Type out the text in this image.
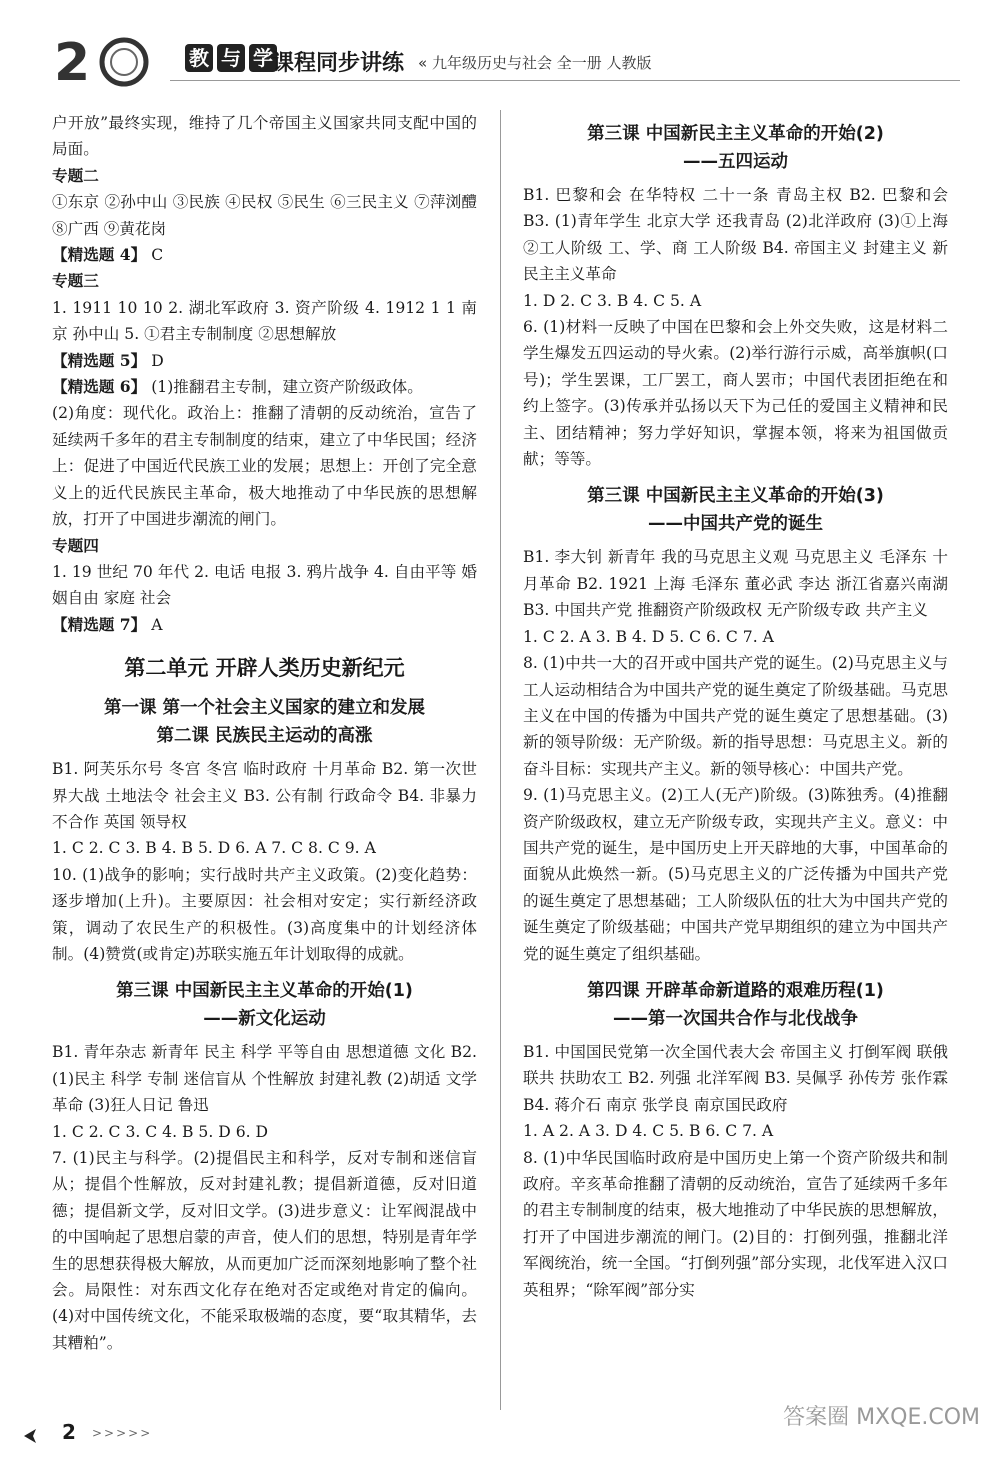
2	教 与 学 课程同步讲练 « 九年级历史与社会 全一册 人教版

户开放”最终实现，维持了几个帝国主义国家共同支配中国的局面。

专题二

①东京 ②孙中山 ③民族 ④民权 ⑤民生 ⑥三民主义 ⑦萍浏醴 ⑧广西 ⑨黄花岗

【精选题 4】 C

专题三

1. 1911 10 10 2. 湖北军政府 3. 资产阶级 4. 1912 1 1 南京 孙中山 5. ①君主专制制度 ②思想解放

【精选题 5】 D

【精选题 6】 (1)推翻君主专制，建立资产阶级政体。

(2)角度：现代化。政治上：推翻了清朝的反动统治，宣告了延续两千多年的君主专制制度的结束，建立了中华民国；经济上：促进了中国近代民族工业的发展；思想上：开创了完全意义上的近代民族民主革命，极大地推动了中华民族的思想解放，打开了中国进步潮流的闸门。

专题四

1. 19 世纪 70 年代 2. 电话 电报 3. 鸦片战争 4. 自由平等 婚姻自由 家庭 社会

【精选题 7】 A

第二单元 开辟人类历史新纪元
第一课 第一个社会主义国家的建立和发展
第二课 民族民主运动的高涨

B1. 阿芙乐尔号 冬宫 冬宫 临时政府 十月革命 B2. 第一次世界大战 土地法令 社会主义 B3. 公有制 行政命令 B4. 非暴力不合作 英国 领导权

1. C 2. C 3. B 4. B 5. D 6. A 7. C 8. C 9. A

10. (1)战争的影响；实行战时共产主义政策。(2)变化趋势：逐步增加(上升)。主要原因：社会相对安定；实行新经济政策，调动了农民生产的积极性。(3)高度集中的计划经济体制。(4)赞赏(或肯定)苏联实施五年计划取得的成就。

第三课 中国新民主主义革命的开始(1)
——新文化运动

B1. 青年杂志 新青年 民主 科学 平等自由 思想道德 文化 B2. (1)民主 科学 专制 迷信盲从 个性解放 封建礼教 (2)胡适 文学革命 (3)狂人日记 鲁迅

1. C 2. C 3. C 4. B 5. D 6. D

7. (1)民主与科学。(2)提倡民主和科学，反对专制和迷信盲从；提倡个性解放，反对封建礼教；提倡新道德，反对旧道德；提倡新文学，反对旧文学。(3)进步意义：让军阀混战中的中国响起了思想启蒙的声音，使人们的思想，特别是青年学生的思想获得极大解放，从而更加广泛而深刻地影响了整个社会。局限性：对东西文化存在绝对否定或绝对肯定的偏向。(4)对中国传统文化，不能采取极端的态度，要“取其精华，去其糟粕”。

第三课 中国新民主主义革命的开始(2)
——五四运动

B1. 巴黎和会 在华特权 二十一条 青岛主权 B2. 巴黎和会 B3. (1)青年学生 北京大学 还我青岛 (2)北洋政府 (3)①上海 ②工人阶级 工、学、商 工人阶级 B4. 帝国主义 封建主义 新民主主义革命

1. D 2. C 3. B 4. C 5. A

6. (1)材料一反映了中国在巴黎和会上外交失败，这是材料二学生爆发五四运动的导火索。(2)举行游行示威，高举旗帜(口号)；学生罢课，工厂罢工，商人罢市；中国代表团拒绝在和约上签字。(3)传承并弘扬以天下为己任的爱国主义精神和民主、团结精神；努力学好知识，掌握本领，将来为祖国做贡献；等等。

第三课 中国新民主主义革命的开始(3)
——中国共产党的诞生

B1. 李大钊 新青年 我的马克思主义观 马克思主义 毛泽东 十月革命 B2. 1921 上海 毛泽东 董必武 李达 浙江省嘉兴南湖 B3. 中国共产党 推翻资产阶级政权 无产阶级专政 共产主义

1. C 2. A 3. B 4. D 5. C 6. C 7. A

8. (1)中共一大的召开或中国共产党的诞生。(2)马克思主义与工人运动相结合为中国共产党的诞生奠定了阶级基础。马克思主义在中国的传播为中国共产党的诞生奠定了思想基础。(3)新的领导阶级：无产阶级。新的指导思想：马克思主义。新的奋斗目标：实现共产主义。新的领导核心：中国共产党。

9. (1)马克思主义。(2)工人(无产)阶级。(3)陈独秀。(4)推翻资产阶级政权，建立无产阶级专政，实现共产主义。意义：中国共产党的诞生，是中国历史上开天辟地的大事，中国革命的面貌从此焕然一新。(5)马克思主义的广泛传播为中国共产党的诞生奠定了思想基础；工人阶级队伍的壮大为中国共产党的诞生奠定了阶级基础；中国共产党早期组织的建立为中国共产党的诞生奠定了组织基础。

第四课 开辟革命新道路的艰难历程(1)
——第一次国共合作与北伐战争

B1. 中国国民党第一次全国代表大会 帝国主义 打倒军阀 联俄 联共 扶助农工 B2. 列强 北洋军阀 B3. 吴佩孚 孙传芳 张作霖 B4. 蒋介石 南京 张学良 南京国民政府

1. A 2. A 3. D 4. C 5. B 6. C 7. A

8. (1)中华民国临时政府是中国历史上第一个资产阶级共和制政府。辛亥革命推翻了清朝的反动统治，宣告了延续两千多年的君主专制制度的结束，极大地推动了中华民族的思想解放，打开了中国进步潮流的闸门。(2)目的：打倒列强，推翻北洋军阀统治，统一全国。“打倒列强”部分实现，北伐军进入汉口英租界；“除军阀”部分实

2 >>>>>
答案圈 MXQE.COM
